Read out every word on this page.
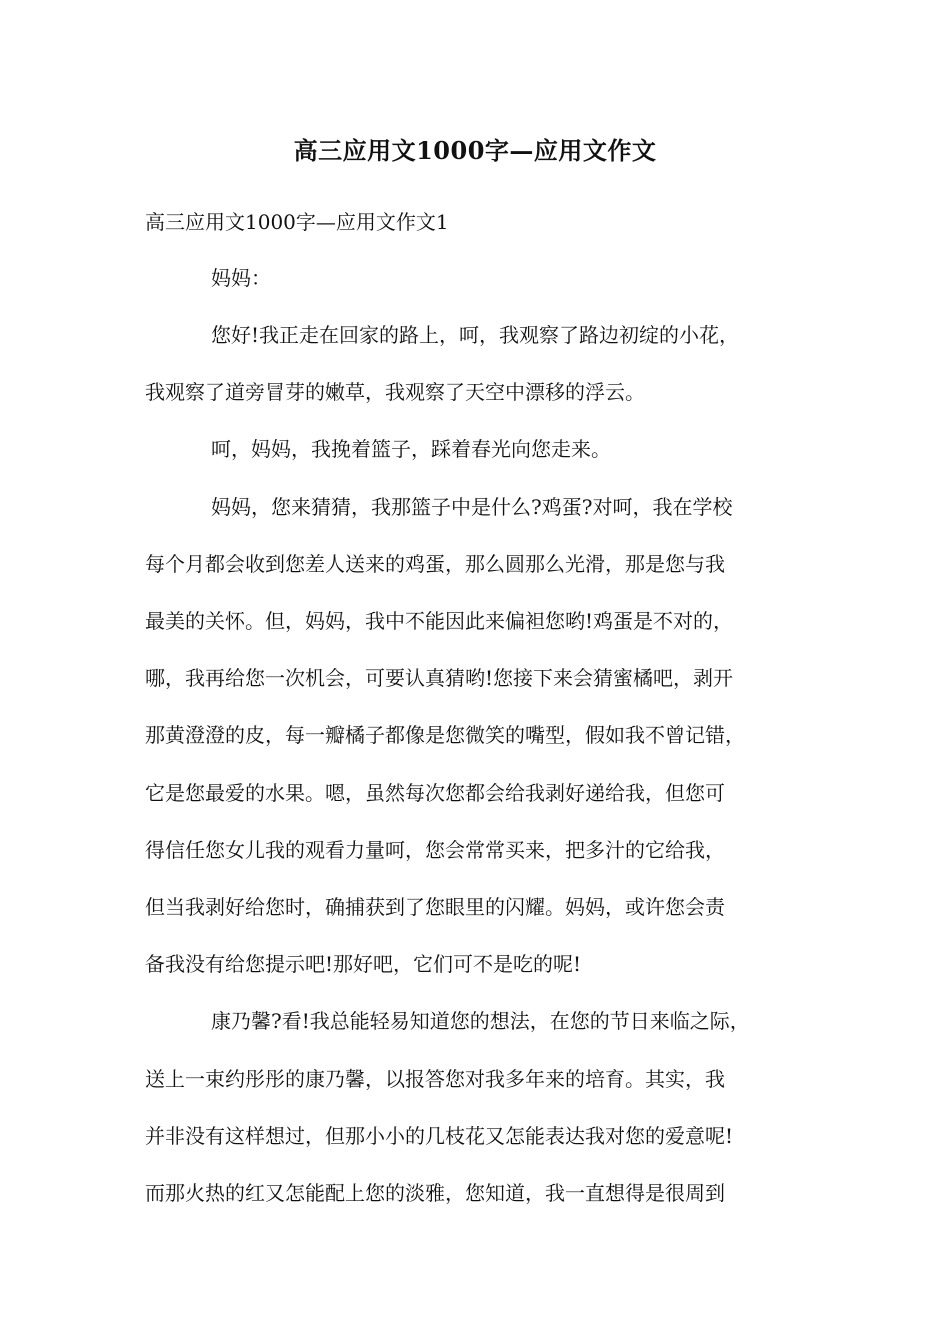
高三应用文1000字—应用文作文
高三应用文1000字—应用文作文1
妈妈：
您好!我正走在回家的路上，呵，我观察了路边初绽的小花，
我观察了道旁冒芽的嫩草，我观察了天空中漂移的浮云。
呵，妈妈，我挽着篮子，踩着春光向您走来。
妈妈，您来猜猜，我那篮子中是什么?鸡蛋?对呵，我在学校
每个月都会收到您差人送来的鸡蛋，那么圆那么光滑，那是您与我
最美的关怀。但，妈妈，我中不能因此来偏袒您哟!鸡蛋是不对的，
哪，我再给您一次机会，可要认真猜哟!您接下来会猜蜜橘吧，剥开
那黄澄澄的皮，每一瓣橘子都像是您微笑的嘴型，假如我不曾记错，
它是您最爱的水果。嗯，虽然每次您都会给我剥好递给我，但您可
得信任您女儿我的观看力量呵，您会常常买来，把多汁的它给我，
但当我剥好给您时，确捕获到了您眼里的闪耀。妈妈，或许您会责
备我没有给您提示吧!那好吧，它们可不是吃的呢!
康乃馨?看!我总能轻易知道您的想法，在您的节日来临之际，
送上一束约彤彤的康乃馨，以报答您对我多年来的培育。其实，我
并非没有这样想过，但那小小的几枝花又怎能表达我对您的爱意呢!
而那火热的红又怎能配上您的淡雅，您知道，我一直想得是很周到
